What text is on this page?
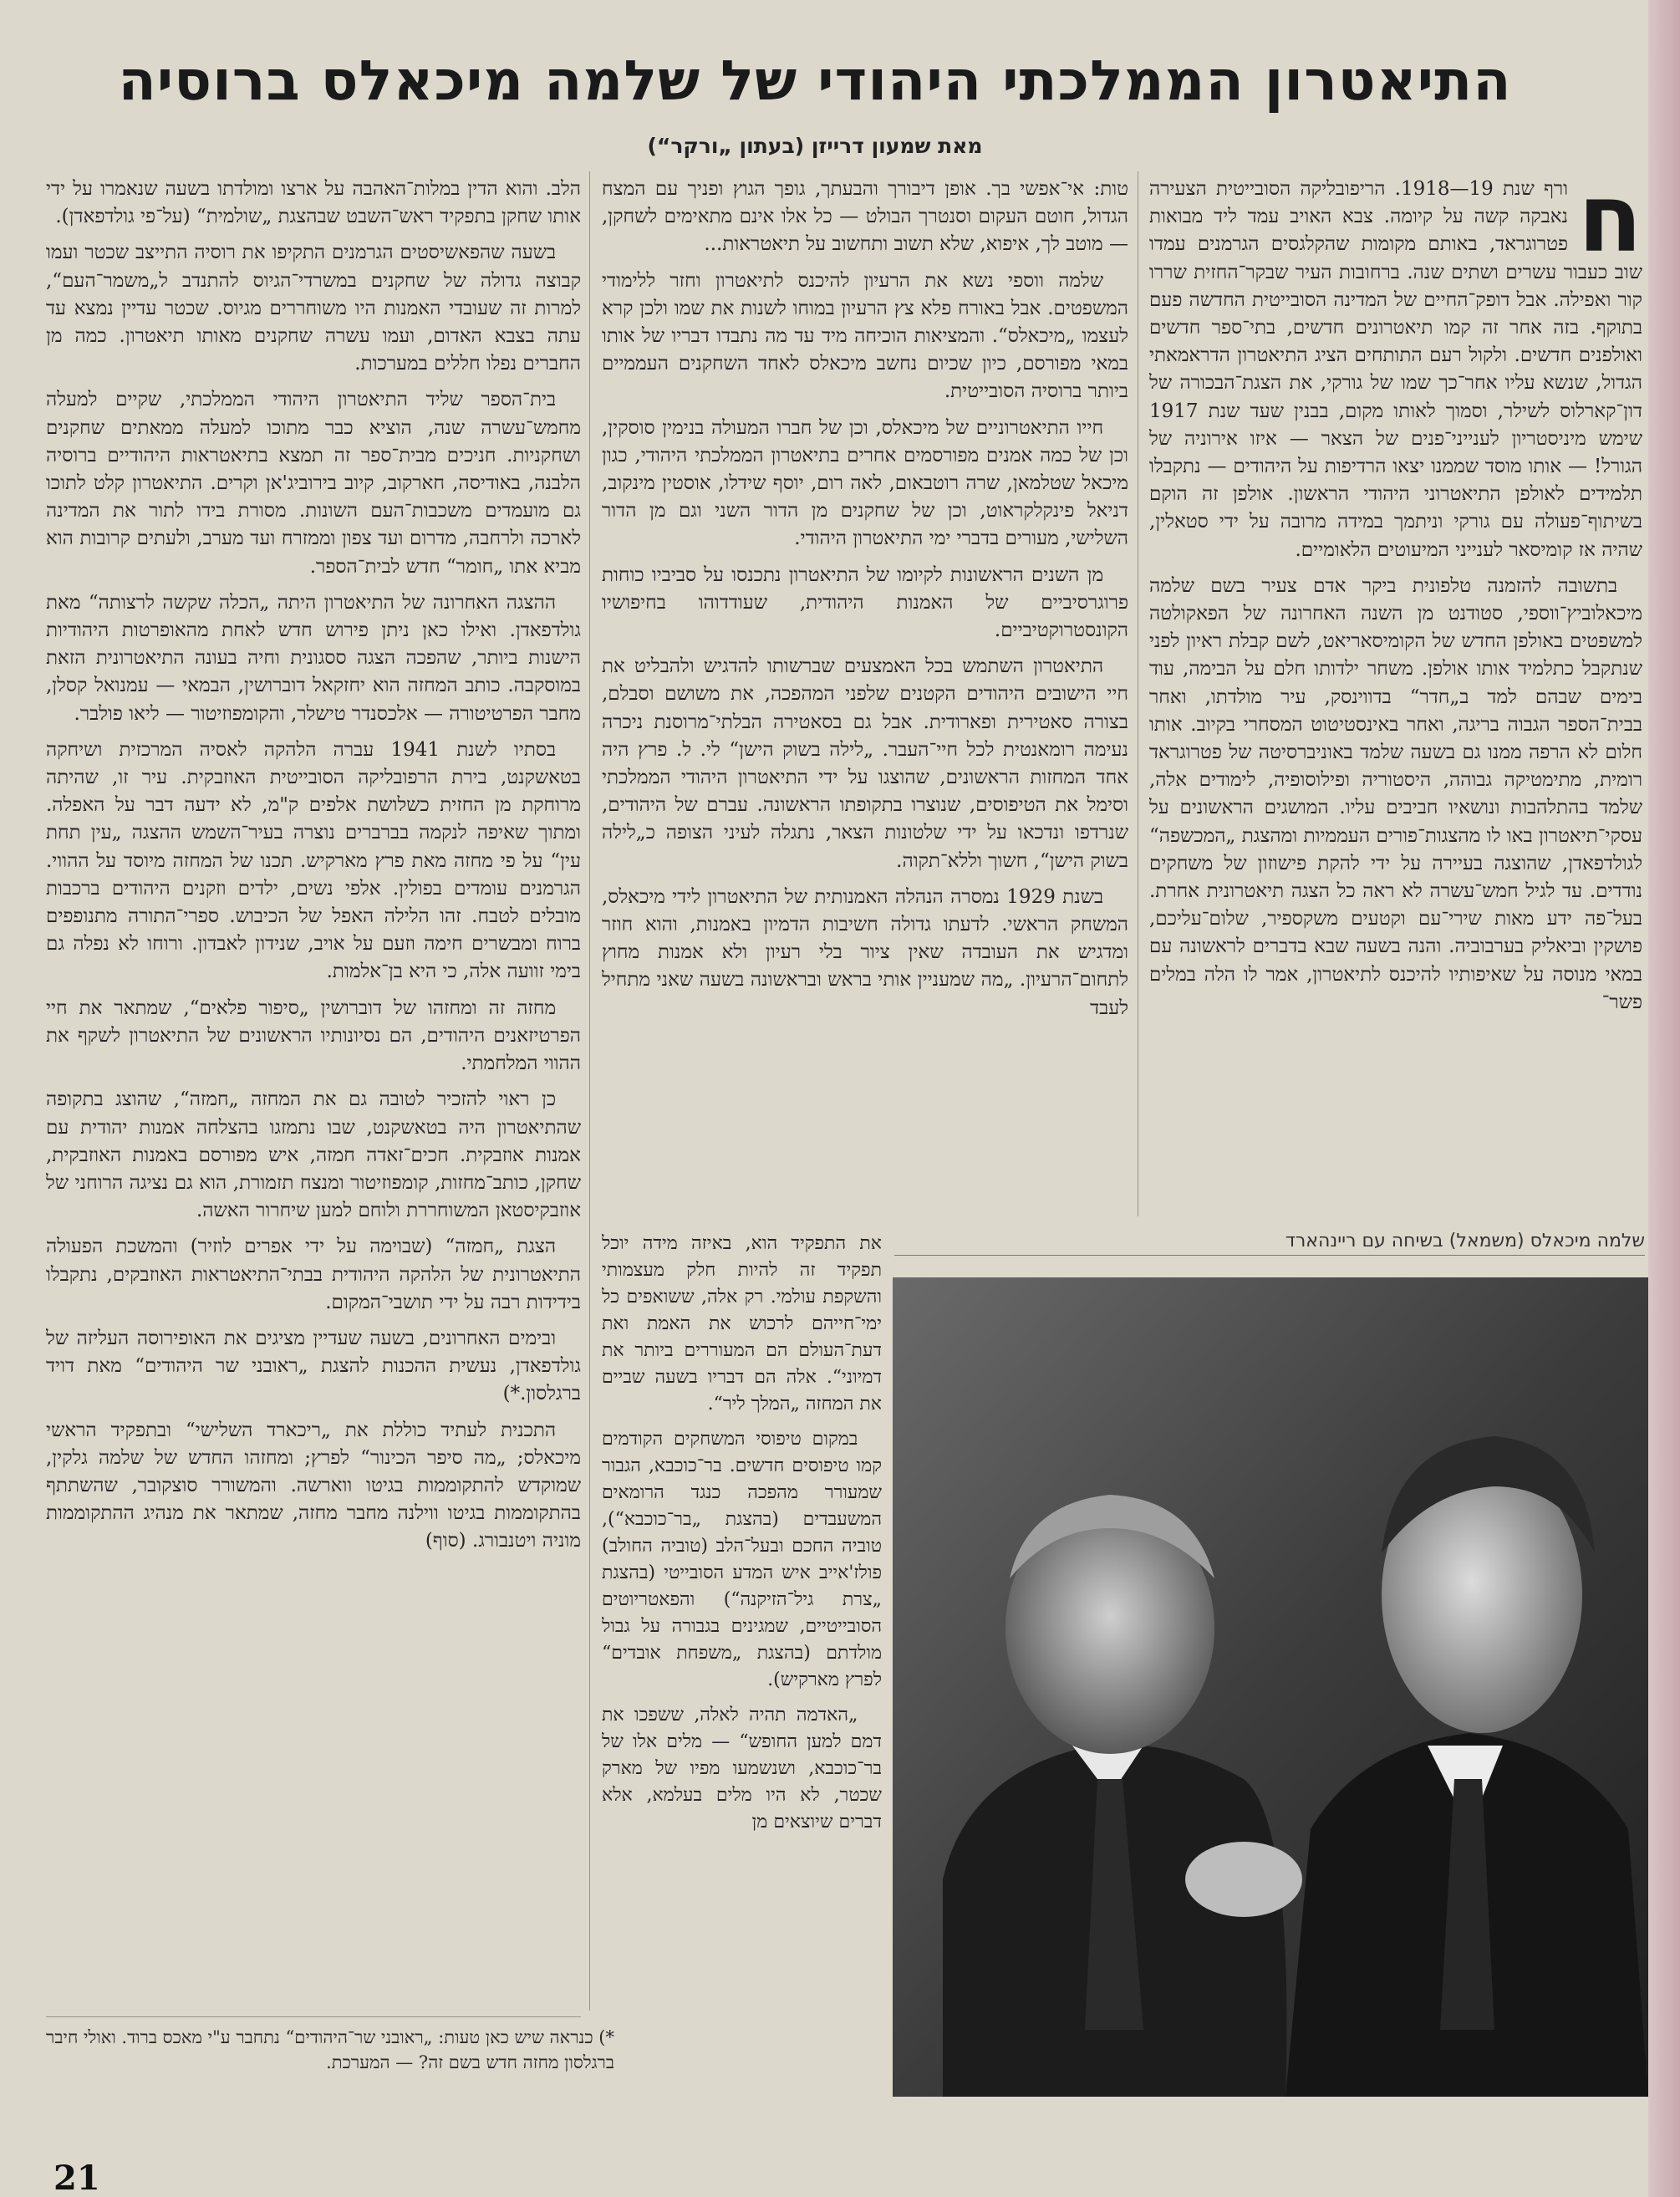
התיאטרון הממלכתי היהודי של שלמה מיכאלס ברוסיה
מאת שמעון דרייזן (בעתון „ורקר“)
ח

ורף שנת 19—1918. הריפובליקה הסובייטית הצעירה נאבקה קשה על קיומה. צבא האויב עמד ליד מבואות פטרוגראד, באותם מקומות שהקלגסים הגרמנים עמדו שוב כעבור עשרים ושתים שנה. ברחובות העיר שבקר־החזית שררו קור ואפילה. אבל דופק־החיים של המדינה הסובייטית החדשה פעם בתוקף. בזה אחר זה קמו תיאטרונים חדשים, בתי־ספר חדשים ואולפנים חדשים. ולקול רעם התותחים הציג התיאטרון הדראמאתי הגדול, שנשא עליו אחר־כך שמו של גורקי, את הצגת־הבכורה של דון־קארלוס לשילר, וסמוך לאותו מקום, בבנין שעד שנת 1917 שימש מיניסטריון לענייני־פנים של הצאר — איזו אירוניה של הגורל! — אותו מוסד שממנו יצאו הרדיפות על היהודים — נתקבלו תלמידים לאולפן התיאטרוני היהודי הראשון. אולפן זה הוקם בשיתוף־פעולה עם גורקי וניתמך במידה מרובה על ידי סטאלין, שהיה אז קומיסאר לענייני המיעוטים הלאומיים.

בתשובה להזמנה טלפונית ביקר אדם צעיר בשם שלמה מיכאלוביץ־ווספי, סטודנט מן השנה האחרונה של הפאקולטה למשפטים באולפן החדש של הקומיסאריאט, לשם קבלת ראיון לפני שנתקבל כתלמיד אותו אולפן. משחר ילדותו חלם על הבימה, עוד בימים שבהם למד ב„חדר“ בדווינסק, עיר מולדתו, ואחר בבית־הספר הגבוה בריגה, ואחר באינסטיטוט המסחרי בקיוב. אותו חלום לא הרפה ממנו גם בשעה שלמד באוניברסיטה של פטרוגראד רומית, מתימטיקה גבוהה, היסטוריה ופילוסופיה, לימודים אלה, שלמד בהתלהבות ונושאיו חביבים עליו. המושגים הראשונים על עסקי־תיאטרון באו לו מהצגות־פורים העממיות ומהצגת „המכשפה“ לגולדפאדן, שהוצגה בעיירה על ידי להקת פישוזון של משחקים נודדים. עד לגיל חמש־עשרה לא ראה כל הצגה תיאטרונית אחרת. בעל־פה ידע מאות שירי־עם וקטעים משקספיר, שלום־עליכם, פושקין וביאליק בערבוביה. והנה בשעה שבא בדברים לראשונה עם במאי מנוסה על שאיפותיו להיכנס לתיאטרון, אמר לו הלה במלים פשר־

טות: אי־אפשי בך. אופן דיבורך והבעתך, גופך הגוץ ופניך עם המצח הגדול, חוטם העקום וסנטרך הבולט — כל אלו אינם מתאימים לשחקן, — מוטב לך, איפוא, שלא תשוב ותחשוב על תיאטראות...

שלמה ווספי נשא את הרעיון להיכנס לתיאטרון וחזר ללימודי המשפטים. אבל באורח פלא צץ הרעיון במוחו לשנות את שמו ולכן קרא לעצמו „מיכאלס“. והמציאות הוכיחה מיד עד מה נתבדו דבריו של אותו במאי מפורסם, כיון שכיום נחשב מיכאלס לאחד השחקנים העממיים ביותר ברוסיה הסובייטית.

חייו התיאטרוניים של מיכאלס, וכן של חברו המעולה בנימין סוסקין, וכן של כמה אמנים מפורסמים אחרים בתיאטרון הממלכתי היהודי, כגון מיכאל שטלמאן, שרה רוטבאום, לאה רום, יוסף שידלו, אוסטין מינקוב, דניאל פינקלקראוט, וכן של שחקנים מן הדור השני וגם מן הדור השלישי, מעורים בדברי ימי התיאטרון היהודי.

מן השנים הראשונות לקיומו של התיאטרון נתכנסו על סביביו כוחות פרוגרסיביים של האמנות היהודית, שעודדוהו בחיפושיו הקונסטרוקטיביים.

התיאטרון השתמש בכל האמצעים שברשותו להדגיש ולהבליט את חיי הישובים היהודים הקטנים שלפני המהפכה, את משושם וסבלם, בצורה סאטירית ופארודית. אבל גם בסאטירה הבלתי־מרוסנת ניכרה נעימה רומאנטית לכל חיי־העבר. „לילה בשוק הישן“ לי. ל. פרץ היה אחד המחזות הראשונים, שהוצגו על ידי התיאטרון היהודי הממלכתי וסימל את הטיפוסים, שנוצרו בתקופתו הראשונה. עברם של היהודים, שנרדפו ונדכאו על ידי שלטונות הצאר, נתגלה לעיני הצופה כ„לילה בשוק הישן“, חשוך וללא־תקוה.

בשנת 1929 נמסרה הנהלה האמנותית של התיאטרון לידי מיכאלס, המשחק הראשי. לדעתו גדולה חשיבות הדמיון באמנות, והוא חוזר ומדגיש את העובדה שאין ציור בלי רעיון ולא אמנות מחוץ לתחום־הרעיון. „מה שמעניין אותי בראש ובראשונה בשעה שאני מתחיל לעבד

את התפקיד הוא, באיזה מידה יוכל תפקיד זה להיות חלק מעצמותי והשקפת עולמי. רק אלה, ששואפים כל ימי־חייהם לרכוש את האמת ואת דעת־העולם הם המעוררים ביותר את דמיוני“. אלה הם דבריו בשעה שביים את המחזה „המלך ליר“.

במקום טיפוסי המשחקים הקודמים קמו טיפוסים חדשים. בר־כוכבא, הגבור שמעורר מהפכה כנגד הרומאים המשעבדים (בהצגת „בר־כוכבא“), טוביה החכם ובעל־הלב (טוביה החולב) פולז'אייב איש המדע הסובייטי (בהצגת „צרת גיל־הזיקנה“) והפאטריוטים הסובייטיים, שמגינים בגבורה על גבול מולדתם (בהצגת „משפחת אובדים“ לפרץ מארקיש).

„האדמה תהיה לאלה, ששפכו את דמם למען החופש“ — מלים אלו של בר־כוכבא, ושנשמעו מפיו של מארק שכטר, לא היו מלים בעלמא, אלא דברים שיוצאים מן

הלב. והוא הדין במלות־האהבה על ארצו ומולדתו בשעה שנאמרו על ידי אותו שחקן בתפקיד ראש־השבט שבהצגת „שולמית“ (על־פי גולדפאדן).

בשעה שהפאשיסטים הגרמנים התקיפו את רוסיה התייצב שכטר ועמו קבוצה גדולה של שחקנים במשרדי־הגיוס להתנדב ל„משמר־העם“, למרות זה שעובדי האמנות היו משוחררים מגיוס. שכטר עדיין נמצא עד עתה בצבא האדום, ועמו עשרה שחקנים מאותו תיאטרון. כמה מן החברים נפלו חללים במערכות.

בית־הספר שליד התיאטרון היהודי הממלכתי, שקיים למעלה מחמש־עשרה שנה, הוציא כבר מתוכו למעלה ממאתים שחקנים ושחקניות. חניכים מבית־ספר זה תמצא בתיאטראות היהודיים ברוסיה הלבנה, באודיסה, חארקוב, קיוב בירוביג'אן וקרים. התיאטרון קלט לתוכו גם מועמדים משכבות־העם השונות. מסורת בידו לתור את המדינה לארכה ולרחבה, מדרום ועד צפון וממזרח ועד מערב, ולעתים קרובות הוא מביא אתו „חומר“ חדש לבית־הספר.

ההצגה האחרונה של התיאטרון היתה „הכלה שקשה לרצותה“ מאת גולדפאדן. ואילו כאן ניתן פירוש חדש לאחת מהאופרטות היהודיות הישנות ביותר, שהפכה הצגה ססגונית וחיה בעונה התיאטרונית הזאת במוסקבה. כותב המחזה הוא יחזקאל דוברושין, הבמאי — עמנואל קסלן, מחבר הפרטיטורה — אלכסנדר טישלר, והקומפוזיטור — ליאו פולבר.

בסתיו לשנת 1941 עברה הלהקה לאסיה המרכזית ושיחקה בטאשקנט, בירת הרפובליקה הסובייטית האוזבקית. עיר זו, שהיתה מרוחקת מן החזית כשלושת אלפים ק"מ, לא ידעה דבר על האפלה. ומתוך שאיפה לנקמה בברברים נוצרה בעיר־השמש ההצגה „עין תחת עין“ על פי מחזה מאת פרץ מארקיש. תכנו של המחזה מיוסד על ההווי. הגרמנים עומדים בפולין. אלפי נשים, ילדים וזקנים היהודים ברכבות מובלים לטבח. זהו הלילה האפל של הכיבוש. ספרי־התורה מתנופפים ברוח ומבשרים חימה וזעם על אויב, שנידון לאבדון. ורוחו לא נפלה גם בימי זוועה אלה, כי היא בן־אלמות.

מחזה זה ומחזהו של דוברושין „סיפור פלאים“, שמתאר את חיי הפרטיזאנים היהודים, הם נסיונותיו הראשונים של התיאטרון לשקף את ההווי המלחמתי.

כן ראוי להזכיר לטובה גם את המחזה „חמזה“, שהוצג בתקופה שהתיאטרון היה בטאשקנט, שבו נתמזגו בהצלחה אמנות יהודית עם אמנות אוזבקית. חכים־זאדה חמזה, איש מפורסם באמנות האוזבקית, שחקן, כותב־מחזות, קומפוזיטור ומנצח תזמורת, הוא גם נציגה הרוחני של אוזבקיסטאן המשוחררת ולוחם למען שיחרור האשה.

הצגת „חמזה“ (שבוימה על ידי אפרים לוזיר) והמשכת הפעולה התיאטרונית של הלהקה היהודית בבתי־התיאטראות האוזבקים, נתקבלו בידידות רבה על ידי תושבי־המקום.

ובימים האחרונים, בשעה שעדיין מציגים את האופירוסה העליזה של גולדפאדן, נעשית ההכנות להצגת „ראובני שר היהודים“ מאת דויד ברגלסון.*)

התכנית לעתיד כוללת את „ריכארד השלישי“ ובתפקיד הראשי מיכאלס; „מה סיפר הכינור“ לפרץ; ומחזהו החדש של שלמה גלקין, שמוקדש להתקוממות בגיטו ווארשה. והמשורר סוצקובר, שהשתתף בהתקוממות בגיטו ווילנה מחבר מחזה, שמתאר את מנהיג ההתקוממות מוניה ויטנבורג. (סוף)

*) כנראה שיש כאן טעות: „ראובני שר־היהודים“ נתחבר ע"י מאכס ברוד. ואולי חיבר ברגלסון מחזה חדש בשם זה? — המערכת.
שלמה מיכאלס (משמאל) בשיחה עם ריינהארד
21
